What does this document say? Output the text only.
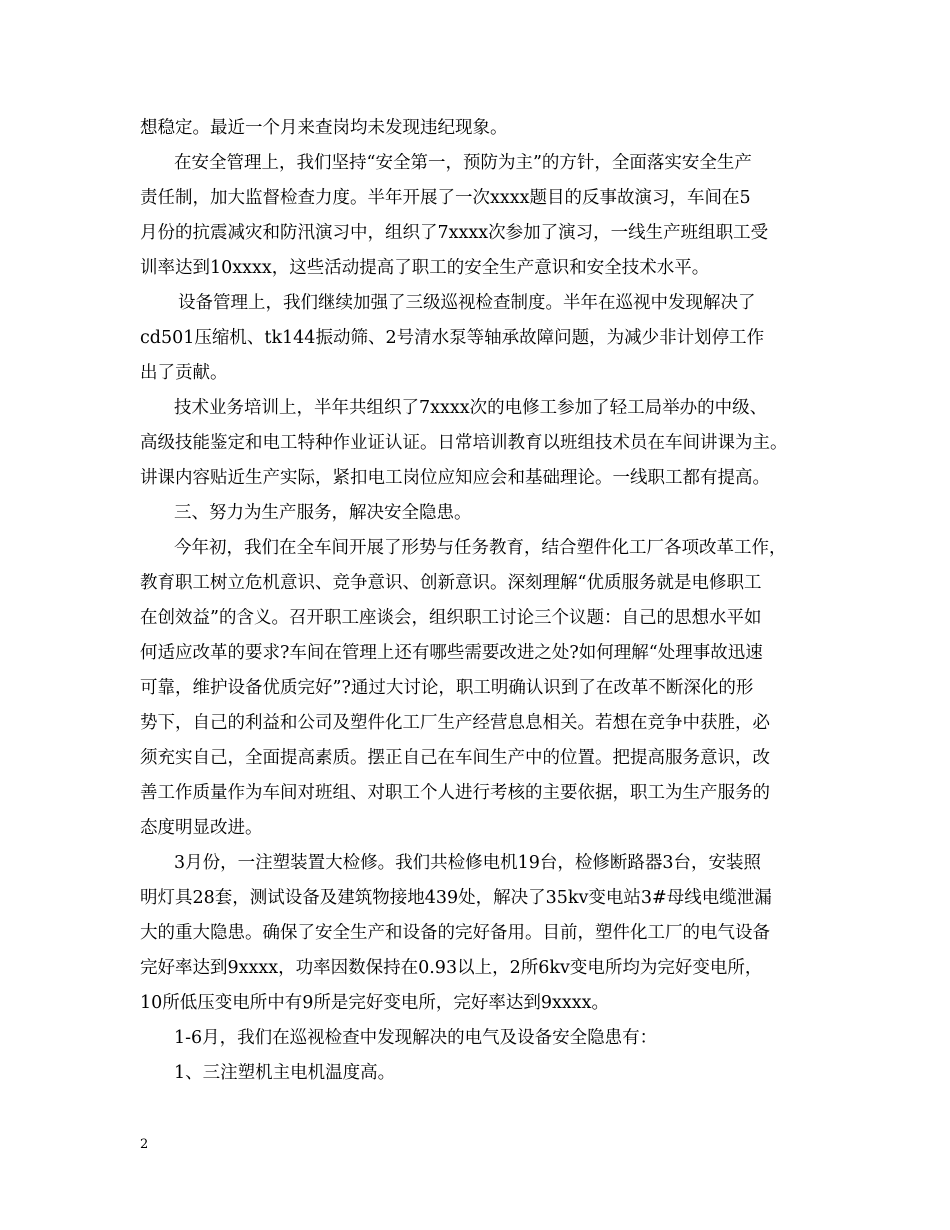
想稳定。最近一个月来查岗均未发现违纪现象。
在安全管理上，我们坚持“安全第一，预防为主”的方针，全面落实安全生产
责任制，加大监督检查力度。半年开展了一次xxxx题目的反事故演习，车间在5
月份的抗震减灾和防汛演习中，组织了7xxxx次参加了演习，一线生产班组职工受
训率达到10xxxx，这些活动提高了职工的安全生产意识和安全技术水平。
设备管理上，我们继续加强了三级巡视检查制度。半年在巡视中发现解决了
cd501压缩机、tk144振动筛、2号清水泵等轴承故障问题，为减少非计划停工作
出了贡献。
技术业务培训上，半年共组织了7xxxx次的电修工参加了轻工局举办的中级、
高级技能鉴定和电工特种作业证认证。日常培训教育以班组技术员在车间讲课为主。
讲课内容贴近生产实际，紧扣电工岗位应知应会和基础理论。一线职工都有提高。
三、努力为生产服务，解决安全隐患。
今年初，我们在全车间开展了形势与任务教育，结合塑件化工厂各项改革工作，
教育职工树立危机意识、竞争意识、创新意识。深刻理解“优质服务就是电修职工
在创效益”的含义。召开职工座谈会，组织职工讨论三个议题：自己的思想水平如
何适应改革的要求?车间在管理上还有哪些需要改进之处?如何理解“处理事故迅速
可靠，维护设备优质完好”?通过大讨论，职工明确认识到了在改革不断深化的形
势下，自己的利益和公司及塑件化工厂生产经营息息相关。若想在竞争中获胜，必
须充实自己，全面提高素质。摆正自己在车间生产中的位置。把提高服务意识，改
善工作质量作为车间对班组、对职工个人进行考核的主要依据，职工为生产服务的
态度明显改进。
3月份，一注塑装置大检修。我们共检修电机19台，检修断路器3台，安装照
明灯具28套，测试设备及建筑物接地439处，解决了35kv变电站3#母线电缆泄漏
大的重大隐患。确保了安全生产和设备的完好备用。目前，塑件化工厂的电气设备
完好率达到9xxxx，功率因数保持在0.93以上，2所6kv变电所均为完好变电所，
10所低压变电所中有9所是完好变电所，完好率达到9xxxx。
1-6月，我们在巡视检查中发现解决的电气及设备安全隐患有：
1、三注塑机主电机温度高。
2
